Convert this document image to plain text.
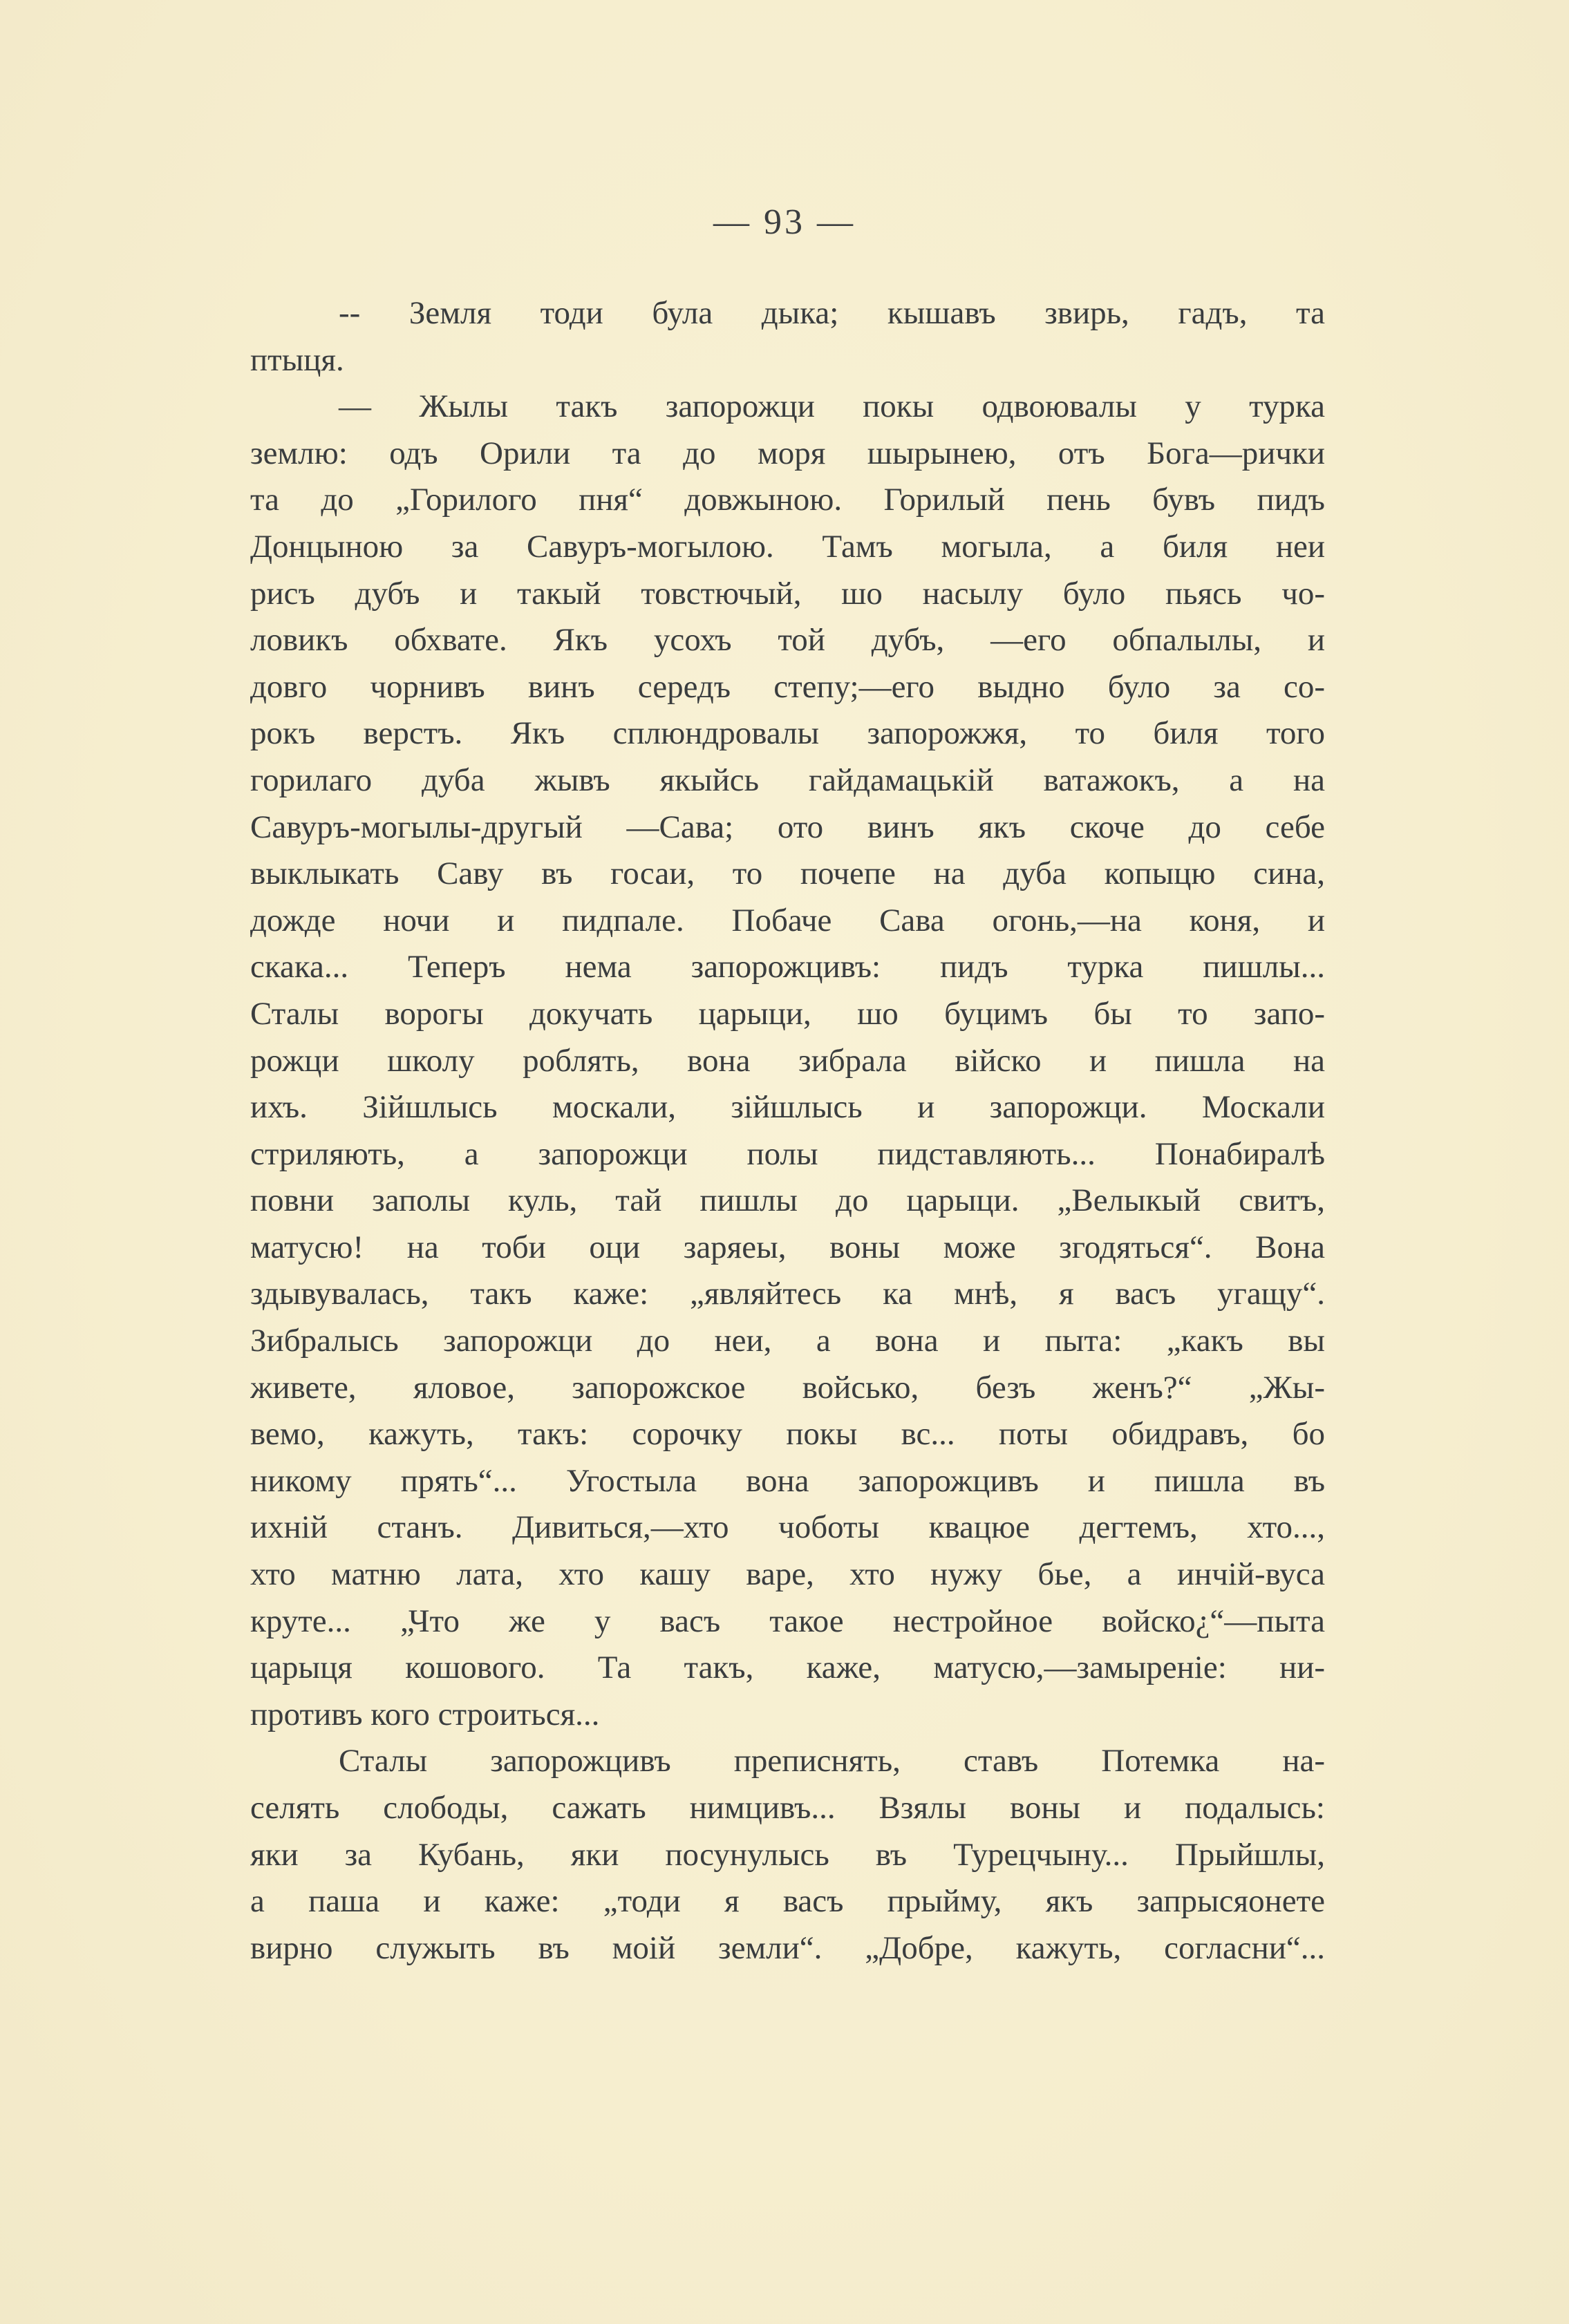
— 93 —
-- Земля тоди була дыка; кышавъ звирь, гадъ, та
птыця.
— Жылы такъ запорожци покы одвоювалы у турка
землю: одъ Орили та до моря шырынею, отъ Бога—рички
та до „Горилого пня“ довжыною. Горилый пень бувъ пидъ
Донцыною за Савуръ-могылою. Тамъ могыла, а биля неи
рисъ дубъ и такый товстючый, шо насылу було пьясь чо-
ловикъ обхвате. Якъ усохъ той дубъ, —его обпалылы, и
довго чорнивъ винъ середъ степу;—его выдно було за со-
рокъ верстъ. Якъ сплюндровалы запорожжя, то биля того
горилаго дуба жывъ якыйсь гайдамацькій ватажокъ, а на
Савуръ-могылы-другый —Сава; ото винъ якъ скоче до себе
выклыкать Саву въ госаи, то почепе на дуба копыцю сина,
дожде ночи и пидпале. Побаче Сава огонь,—на коня, и
скака... Теперъ нема запорожцивъ: пидъ турка пишлы...
Сталы ворогы докучать царыци, шо буцимъ бы то запо-
рожци школу роблять, вона зибрала вiйско и пишла на
ихъ. Зiйшлысь москали, зiйшлысь и запорожци. Москали
стриляють, а запорожци полы пидставляють... Понабиралѣ
повни заполы куль, тай пишлы до царыци. „Велыкый свитъ,
матусю! на тоби оци заряеы, воны може згодяться“. Вона
здывувалась, такъ каже: „являйтесь ка мнѣ, я васъ угащу“.
Зибралысь запорожци до неи, а вона и пыта: „какъ вы
живете, яловое, запорожское войсько, безъ женъ?“ „Жы-
вемо, кажуть, такъ: сорочку покы вс... поты обидравъ, бо
никому прять“... Угостыла вона запорожцивъ и пишла въ
ихній станъ. Дивиться,—хто чоботы квацюе дегтемъ, хто...,
хто матню лата, хто кашу варе, хто нужу бье, а инчій-вуса
круте... „Что же у васъ такое нестройное войско¿“—пыта
царыця кошового. Та такъ, каже, матусю,—замыреніе: ни-
противъ кого строиться...
Сталы запорожцивъ преписнять, ставъ Потемка на-
селять слободы, сажать нимцивъ... Взялы воны и подалысь:
яки за Кубань, яки посунулысь въ Турецчыну... Прыйшлы,
а паша и каже: „тоди я васъ прыйму, якъ запрысяонете
вирно служыть въ моiй земли“. „Добре, кажуть, согласни“...
